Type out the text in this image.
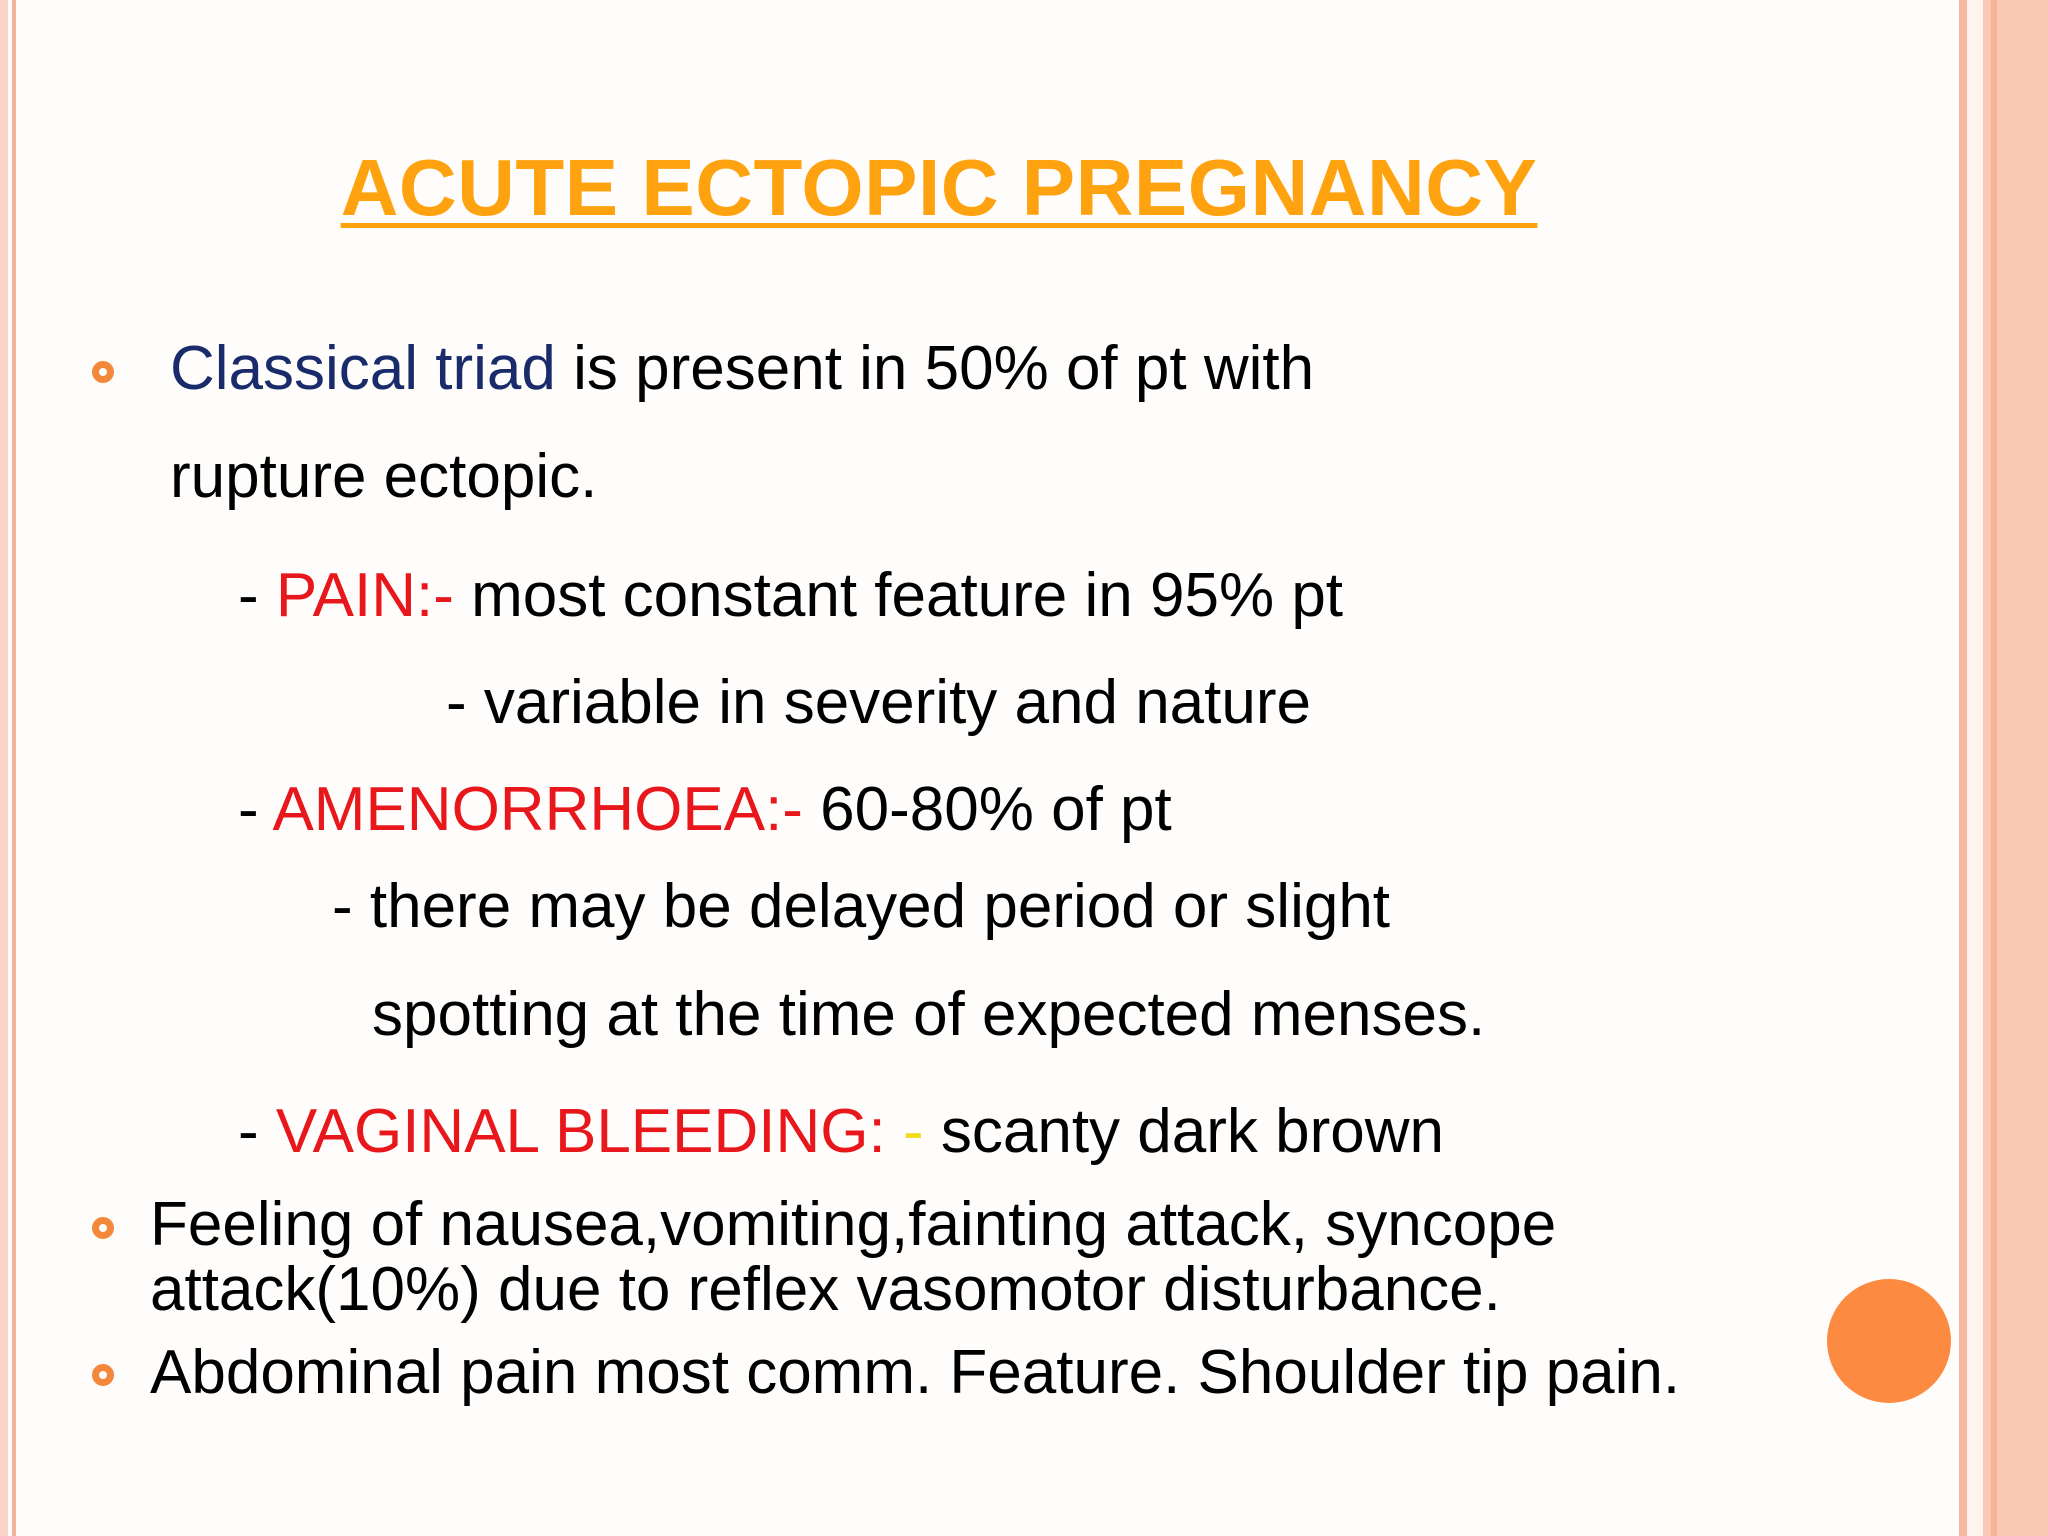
ACUTE ECTOPIC PREGNANCY
Classical triad is present in 50% of pt with
rupture ectopic.
- PAIN:- most constant feature in 95% pt
- variable in severity and nature
- AMENORRHOEA:- 60-80% of pt
- there may be delayed period or slight
spotting at the time of expected menses.
- VAGINAL BLEEDING: - scanty dark brown
Feeling of nausea,vomiting,fainting attack, syncope
attack(10%) due to reflex vasomotor disturbance.
Abdominal pain most comm. Feature. Shoulder tip pain.
